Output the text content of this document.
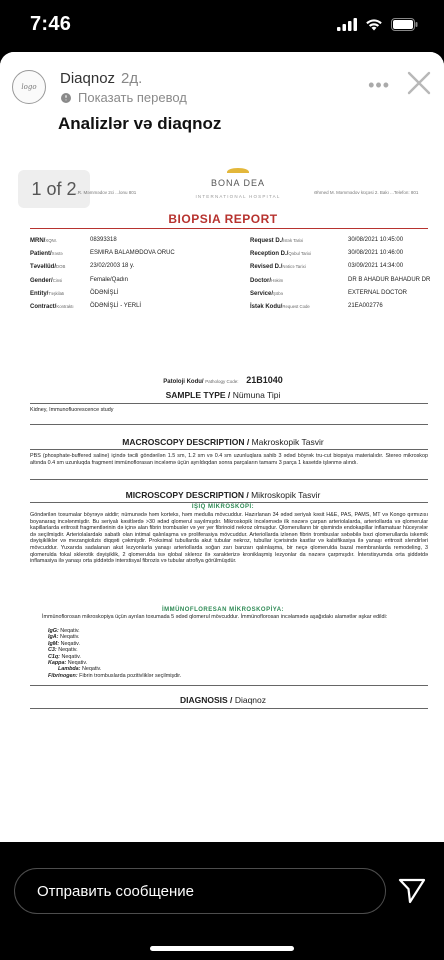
7:46
logo Diaqnoz 2д.
Показать перевод
•••
Analizlər və diaqnoz
1 of 2
...R. Məmmədov 2ci ...lonu 801
BONA DEA
INTERNATIONAL HOSPITAL
Əhmed M. Məmmədov küçəsi 2. Bakı ...Telefon: 801
BIOPSIA REPORT
MRN/XQNr.	08393318	Request D./İstək Tarixi	30/08/2021 10:45:00
Patient/Xəstə	ESMIRA BALAMƏDOVA ORUC	Reception D./Qəbul Tarixi	30/08/2021 10:46:00
Təvəllüd/DOB	23/02/2003 18 y.	Revised D./Nəticə Tarixi	03/09/2021 14:34:00
Gender/Cinsi	Female/Qadın	Doctor/Həkim	DR B AHADUR BAHADUR DR
Entity/Təşkilatı	ÖDƏNİŞLİ	Service/Şöbə	EXTERNAL DOCTOR
Contract/Kontraktı	ÖDƏNİŞLİ - YERLİ	İstək Kodu/Request Code	21EA002776
Patoloji Kodu/ Pathology Code: 21B1040
SAMPLE TYPE / Nümuna Tipi
Kidney, Immunofluorescence study
MACROSCOPY DESCRIPTION / Makroskopik Tasvir
PBS (phosphate-buffered saline) içində təcili göndərilən 1.5 sm, 1.2 sm və 0.4 sm uzunluqlara sahib 3 ədəd böyrək tru-cut biopsiya materialıdır. Stereo mikroskop altında 0.4 sm uzunluqda fragment immünoflorasan incələmə üçün ayrıldıqdan sonra parçaların tamamı 3 parça 1 kasetdə işlənmə alındı.
MICROSCOPY DESCRIPTION / Mikroskopik Tasvir
IŞIQ MİKROSKOPİ:
Göndərilən toxumalar böyrəyə aiddir; nümunədə həm korteks, həm medulla mövcuddur. Hazırlanan 34 ədəd seriyalı kəsit H&E, PAS, PAMS, MT və Kongo qırmızısı boyanaraq incələnmişdir. Bu seriyalı kəsitlərdə >30 ədəd qlomerul sayılmışdır. Mikroskopik incələmədə ilk nəzərə çarpan arteriolalarda, arteriollarda və qlomerular kapillarlarda eritrosit fragmentlərinin də içinə alan fibrin trombusler və yer yer fibrinoid nekroz olmuşdur. Qlomerulların bir qismində endokapillar inflamatuar hüceyrələr də seçilmişdir. Arteriolalardakı sabatlı olan intimal qalınlaşma və proliferasiya mövcuddur. Arteriollarda izlənən fibrin trombuslar səbəbilə bəzi qlomerullarda iskemik dəyişikliklər və mezangiolizis diqqəti çəkmişdir. Proksimal tubullarda akut tubular nekroz, tubullar içərisində kastlar və kalsifikasiya ilə yanaşı eritrosit slendirləri mövcuddur. Yuxarıda sadalanan akut lezyonlarla yanaşı arteriollarda soğan zarı banzarı qalınlaşma, bir neçə qlomerulda bazal membranlarda remodeling, 3 qlomerulda fokal sklerotik dəyişiklik, 2 qlomerulda isə qlobal skleroz ilə xarakterizə kroniklaşmiş lezyonlar da nəzərə çarpmışdır. İnterstisyumda orta şiddətdə inflamasiya ilə yanaşı orta şiddətdə interstisyal fibrozis və tubular atrofiya görülmüşdür.
İMMÜNOFLORESAN MİKROSKOPİYA:
İmmünoflorosan mikroskopiya üçün ayrılan toxumada 5 ədəd qlomerul mövcuddur. İmmünoflorosan incəlamədə aşağıdakı alamətlər əşkar edildi:
IgG: Neqativ.
IgA: Neqativ.
IgM: Neqativ.
C3: Neqativ.
C1q: Neqativ.
Kappa: Neqativ.
Lambda: Neqativ.
Fibrinogen: Fibrin trombuslarda pozitivliklər seçilmişdir.
DIAGNOSIS / Diaqnoz
Отправить сообщение
